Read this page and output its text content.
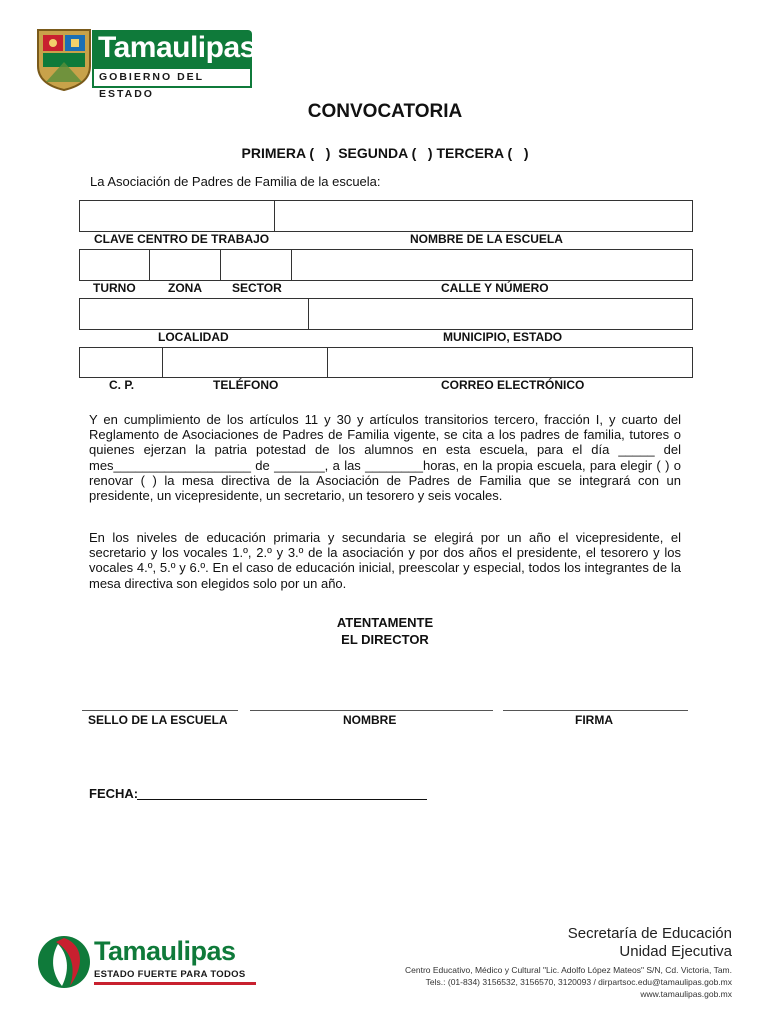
Tamaulipas
GOBIERNO DEL ESTADO
CONVOCATORIA
PRIMERA (   )  SEGUNDA (   ) TERCERA (   )
La Asociación de Padres de Familia de la escuela:
CLAVE CENTRO DE TRABAJO	NOMBRE DE LA ESCUELA
TURNO	ZONA	SECTOR	CALLE Y NÚMERO
LOCALIDAD	MUNICIPIO, ESTADO
C. P.	TELÉFONO	CORREO ELECTRÓNICO
Y en cumplimiento de los artículos 11 y 30 y artículos transitorios tercero, fracción I, y cuarto del Reglamento de Asociaciones de Padres de Familia vigente, se cita a los padres de familia, tutores o quienes ejerzan la patria potestad de los alumnos en esta escuela, para el día _____ del mes___________________ de _______, a las ________horas, en la propia escuela, para elegir ( ) o renovar ( ) la mesa directiva de la Asociación de Padres de Familia que se integrará con un presidente, un vicepresidente, un secretario, un tesorero y seis vocales.
En los niveles de educación primaria y secundaria se elegirá por un año el vicepresidente, el secretario y los vocales 1.º, 2.º y 3.º de la asociación y por dos años el presidente, el tesorero y los vocales 4.º, 5.º y 6.º. En el caso de educación inicial, preescolar y especial, todos los integrantes de la mesa directiva son elegidos solo por un año.
ATENTAMENTE
EL DIRECTOR
SELLO DE LA ESCUELA	NOMBRE	FIRMA
FECHA:
Tamaulipas
ESTADO FUERTE PARA TODOS
Secretaría de Educación
Unidad Ejecutiva
Centro Educativo, Médico y Cultural "Lic. Adolfo López Mateos" S/N, Cd. Victoria, Tam.
Tels.: (01-834) 3156532, 3156570, 3120093 / dirpartsoc.edu@tamaulipas.gob.mx
www.tamaulipas.gob.mx
